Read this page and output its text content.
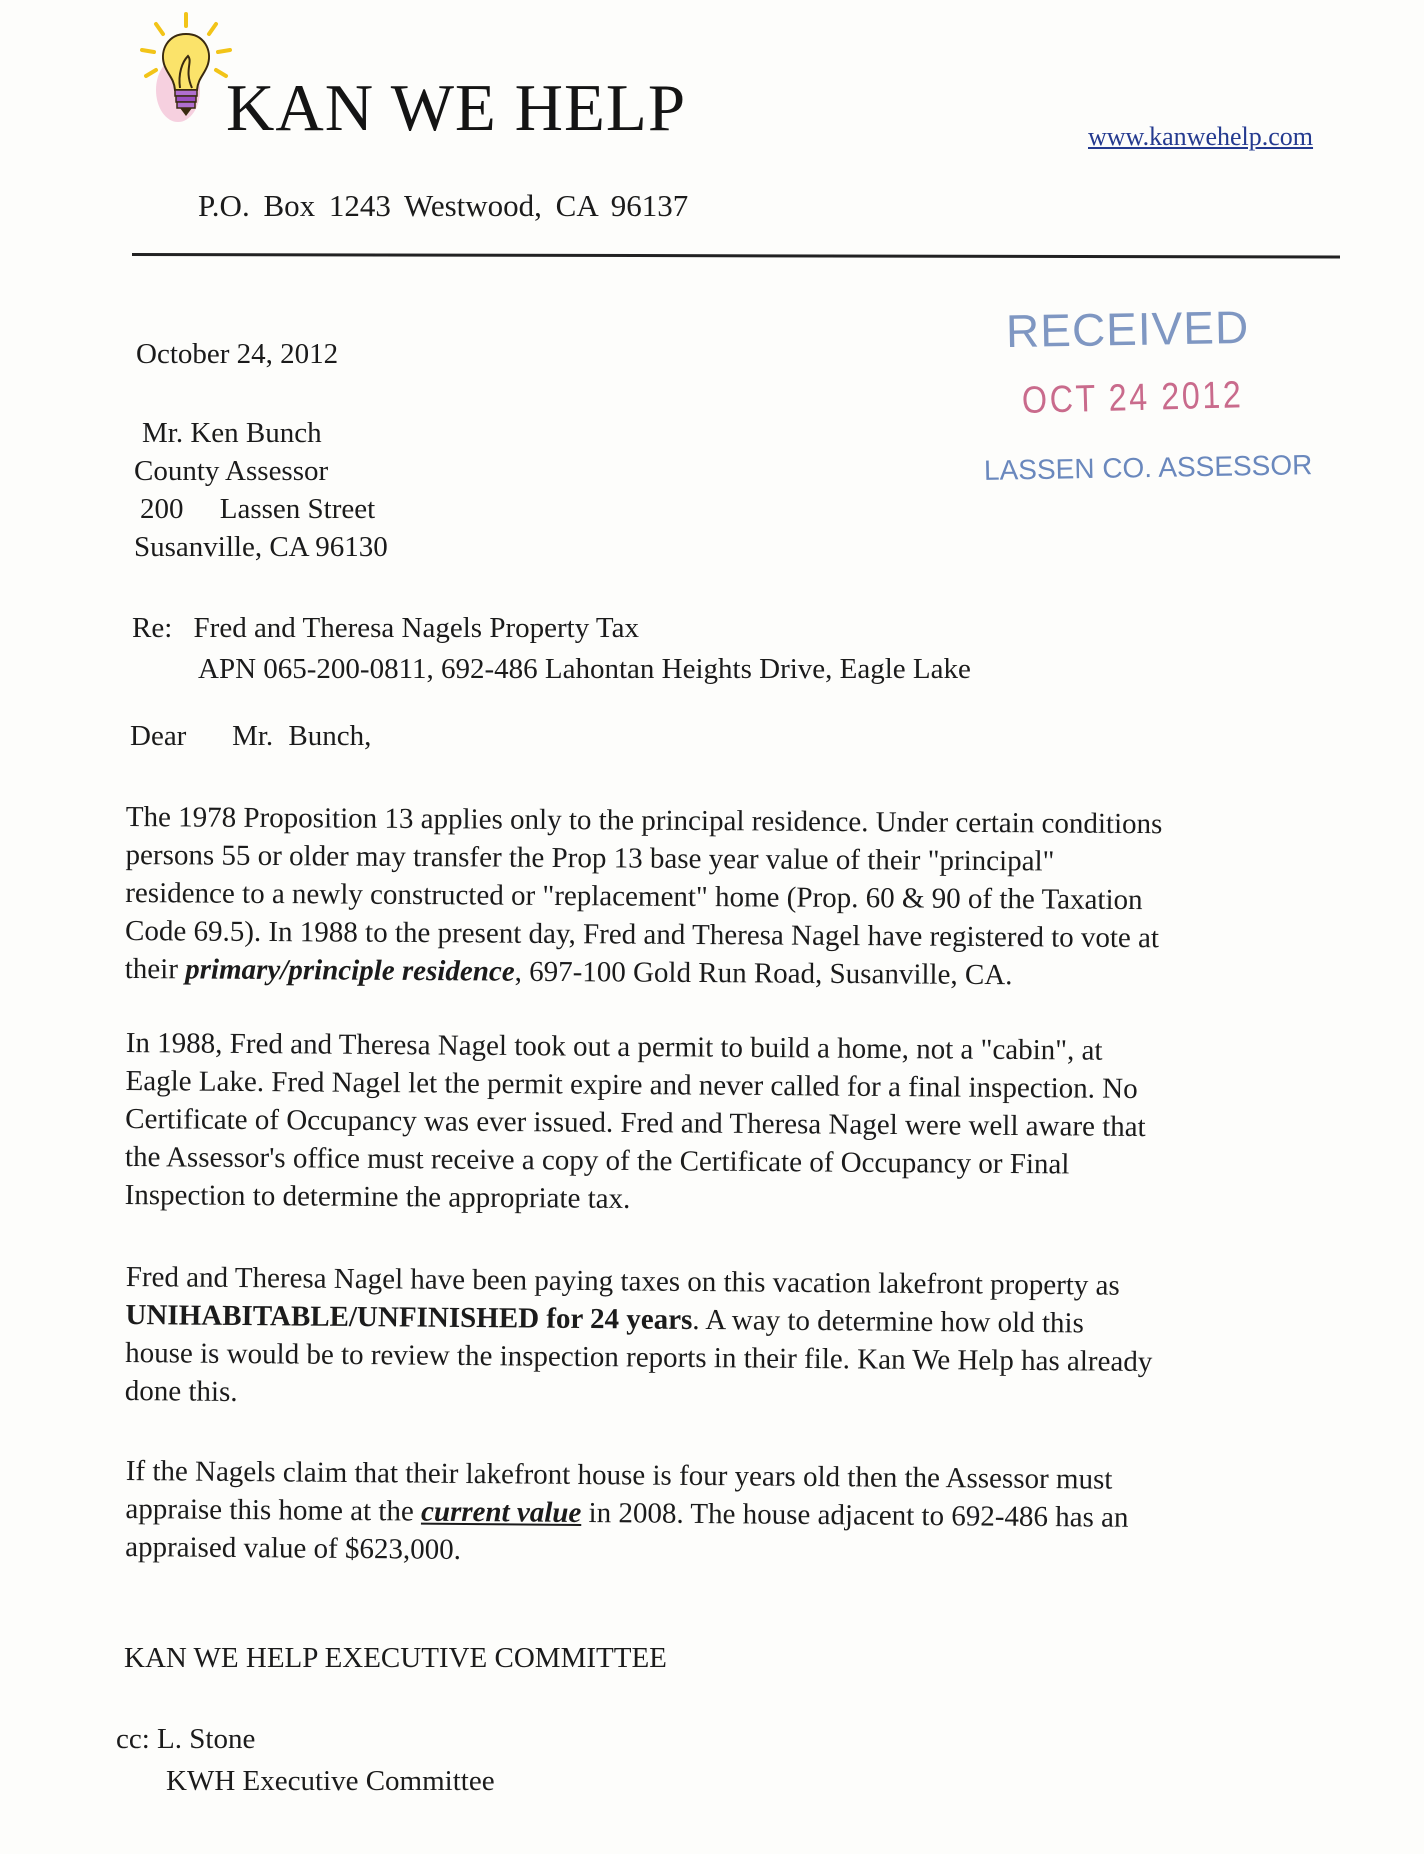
KAN WE HELP	www.kanwehelp.com
P.O. Box 1243 Westwood, CA 96137
RECEIVED
OCT 24 2012
LASSEN CO. ASSESSOR
October 24, 2012
Mr. Ken Bunch
County Assessor
200     Lassen Street
Susanville, CA 96130
Re: Fred and Theresa Nagels Property Tax
APN 065-200-0811, 692-486 Lahontan Heights Drive, Eagle Lake
Dear   Mr. Bunch,
The 1978 Proposition 13 applies only to the principal residence. Under certain conditions
persons 55 or older may transfer the Prop 13 base year value of their "principal"
residence to a newly constructed or "replacement" home (Prop. 60 & 90 of the Taxation
Code 69.5). In 1988 to the present day, Fred and Theresa Nagel have registered to vote at
their primary/principle residence, 697-100 Gold Run Road, Susanville, CA.
In 1988, Fred and Theresa Nagel took out a permit to build a home, not a "cabin", at
Eagle Lake. Fred Nagel let the permit expire and never called for a final inspection. No
Certificate of Occupancy was ever issued. Fred and Theresa Nagel were well aware that
the Assessor's office must receive a copy of the Certificate of Occupancy or Final
Inspection to determine the appropriate tax.
Fred and Theresa Nagel have been paying taxes on this vacation lakefront property as
UNIHABITABLE/UNFINISHED for 24 years. A way to determine how old this
house is would be to review the inspection reports in their file. Kan We Help has already
done this.
If the Nagels claim that their lakefront house is four years old then the Assessor must
appraise this home at the current value in 2008. The house adjacent to 692-486 has an
appraised value of $623,000.
KAN WE HELP EXECUTIVE COMMITTEE
cc: L. Stone
KWH Executive Committee
